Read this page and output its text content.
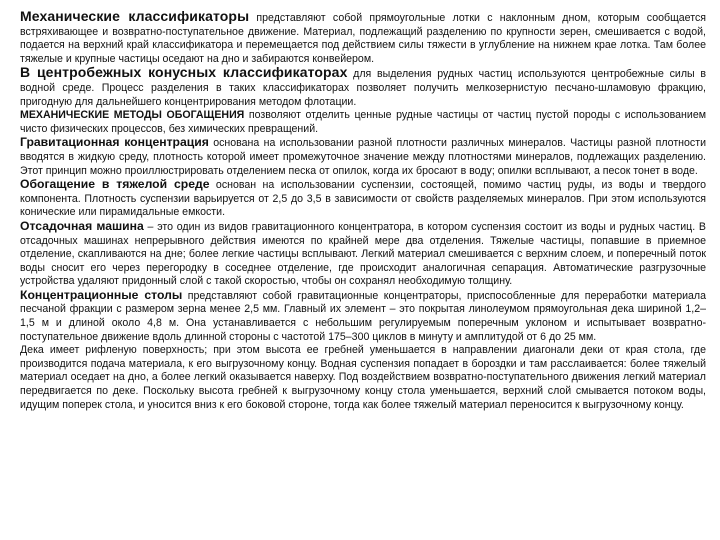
Механические классификаторы представляют собой прямоугольные лотки с наклонным дном, которым сообщается встряхивающее и возвратно-поступательное движение. Материал, подлежащий разделению по крупности зерен, смешивается с водой, подается на верхний край классификатора и перемещается под действием силы тяжести в углубление на нижнем крае лотка. Там более тяжелые и крупные частицы оседают на дно и забираются конвейером.

В центробежных конусных классификаторах для выделения рудных частиц используются центробежные силы в водной среде. Процесс разделения в таких классификаторах позволяет получить мелкозернистую песчано-шламовую фракцию, пригодную для дальнейшего концентрирования методом флотации.

МЕХАНИЧЕСКИЕ МЕТОДЫ ОБОГАЩЕНИЯ позволяют отделить ценные рудные частицы от частиц пустой породы с использованием чисто физических процессов, без химических превращений.

Гравитационная концентрация основана на использовании разной плотности различных минералов. Частицы разной плотности вводятся в жидкую среду, плотность которой имеет промежуточное значение между плотностями минералов, подлежащих разделению. Этот принцип можно проиллюстрировать отделением песка от опилок, когда их бросают в воду; опилки всплывают, а песок тонет в воде.

Обогащение в тяжелой среде основан на использовании суспензии, состоящей, помимо частиц руды, из воды и твердого компонента. Плотность суспензии варьируется от 2,5 до 3,5 в зависимости от свойств разделяемых минералов. При этом используются конические или пирамидальные емкости.

Отсадочная машина – это один из видов гравитационного концентратора, в котором суспензия состоит из воды и рудных частиц. В отсадочных машинах непрерывного действия имеются по крайней мере два отделения. Тяжелые частицы, попавшие в приемное отделение, скапливаются на дне; более легкие частицы всплывают. Легкий материал смешивается с верхним слоем, и поперечный поток воды сносит его через перегородку в соседнее отделение, где происходит аналогичная сепарация. Автоматические разгрузочные устройства удаляют придонный слой с такой скоростью, чтобы он сохранял необходимую толщину.

Концентрационные столы представляют собой гравитационные концентраторы, приспособленные для переработки материала песчаной фракции с размером зерна менее 2,5 мм. Главный их элемент – это покрытая линолеумом прямоугольная дека шириной 1,2–1,5 м и длиной около 4,8 м. Она устанавливается с небольшим регулируемым поперечным уклоном и испытывает возвратно-поступательное движение вдоль длинной стороны с частотой 175–300 циклов в минуту и амплитудой от 6 до 25 мм.

Дека имеет рифленую поверхность; при этом высота ее гребней уменьшается в направлении диагонали деки от края стола, где производится подача материала, к его выгрузочному концу. Водная суспензия попадает в бороздки и там расслаивается: более тяжелый материал оседает на дно, а более легкий оказывается наверху. Под воздействием возвратно-поступательного движения легкий материал передвигается по деке. Поскольку высота гребней к выгрузочному концу стола уменьшается, верхний слой смывается потоком воды, идущим поперек стола, и уносится вниз к его боковой стороне, тогда как более тяжелый материал переносится к выгрузочному концу.
